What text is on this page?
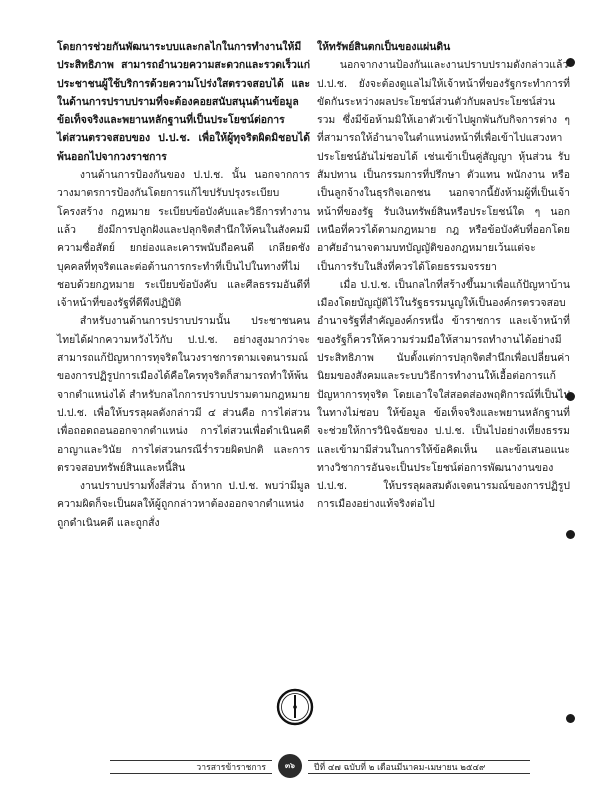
โดยการช่วยกันพัฒนาระบบและกลไกในการทำงานให้มีประสิทธิภาพ สามารถอำนวยความสะดวกและรวดเร็วแก่ประชาชนผู้ใช้บริการด้วยความโปร่งใสตรวจสอบได้ และในด้านการปราบปรามที่จะต้องคอยสนับสนุนด้านข้อมูลข้อเท็จจริงและพยานหลักฐานที่เป็นประโยชน์ต่อการไต่สวนตรวจสอบของ ป.ป.ช. เพื่อให้ผู้ทุจริตผิดมิชอบได้พ้นออกไปจากวงราชการ

งานด้านการป้องกันของ ป.ป.ช. นั้น นอกจากการวางมาตรการป้องกันโดยการแก้ไขปรับปรุงระเบียบโครงสร้าง กฎหมาย ระเบียบข้อบังคับและวิธีการทำงานแล้ว ยังมีการปลูกฝังและปลุกจิตสำนึกให้คนในสังคมมีความซื่อสัตย์ ยกย่องและเคารพนับถือคนดี เกลียดชังบุคคลที่ทุจริตและต่อต้านการกระทำที่เป็นไปในทางที่ไม่ชอบด้วยกฎหมาย ระเบียบข้อบังคับ และศีลธรรมอันดีที่เจ้าหน้าที่ของรัฐที่ดีพึงปฏิบัติ

สำหรับงานด้านการปราบปรามนั้น ประชาชนคนไทยได้ฝากความหวังไว้กับ ป.ป.ช. อย่างสูงมากว่าจะสามารถแก้ปัญหาการทุจริตในวงราชการตามเจตนารมณ์ของการปฏิรูปการเมืองได้คือใครทุจริตก็สามารถทำให้พ้นจากตำแหน่งได้ สำหรับกลไกการปราบปรามตามกฎหมาย ป.ป.ช. เพื่อให้บรรลุผลดังกล่าวมี ๔ ส่วนคือ การไต่สวนเพื่อถอดถอนออกจากตำแหน่ง การไต่สวนเพื่อดำเนินคดีอาญาและวินัย การไต่สวนกรณีร่ำรวยผิดปกติ และการตรวจสอบทรัพย์สินและหนี้สิน

งานปราบปรามทั้งสี่ส่วน ถ้าหาก ป.ป.ช. พบว่ามีมูลความผิดก็จะเป็นผลให้ผู้ถูกกล่าวหาต้องออกจากตำแหน่ง ถูกดำเนินคดี และถูกสั่ง

ให้ทรัพย์สินตกเป็นของแผ่นดิน

นอกจากงานป้องกันและงานปราบปรามดังกล่าวแล้ว ป.ป.ช. ยังจะต้องดูแลไม่ให้เจ้าหน้าที่ของรัฐกระทำการที่ขัดกันระหว่างผลประโยชน์ส่วนตัวกับผลประโยชน์ส่วนรวม ซึ่งมีข้อห้ามมิให้เอาตัวเข้าไปผูกพันกับกิจการต่าง ๆ ที่สามารถให้อำนาจในตำแหน่งหน้าที่เพื่อเข้าไปแสวงหาประโยชน์อันไม่ชอบได้ เช่นเข้าเป็นคู่สัญญา หุ้นส่วน รับสัมปทาน เป็นกรรมการที่ปรึกษา ตัวแทน พนักงาน หรือเป็นลูกจ้างในธุรกิจเอกชน นอกจากนี้ยังห้ามผู้ที่เป็นเจ้าหน้าที่ของรัฐ รับเงินทรัพย์สินหรือประโยชน์ใด ๆ นอกเหนือที่ควรได้ตามกฎหมาย กฎ หรือข้อบังคับที่ออกโดยอาศัยอำนาจตามบทบัญญัติของกฎหมายเว้นแต่จะเป็นการรับในสิ่งที่ควรได้โดยธรรมจรรยา

เมื่อ ป.ป.ช. เป็นกลไกที่สร้างขึ้นมาเพื่อแก้ปัญหาบ้านเมืองโดยบัญญัติไว้ในรัฐธรรมนูญให้เป็นองค์กรตรวจสอบอำนาจรัฐที่สำคัญองค์กรหนึ่ง ข้าราชการ และเจ้าหน้าที่ของรัฐก็ควรให้ความร่วมมือให้สามารถทำงานได้อย่างมีประสิทธิภาพ นับตั้งแต่การปลุกจิตสำนึกเพื่อเปลี่ยนค่านิยมของสังคมและระบบวิธีการทำงานให้เอื้อต่อการแก้ปัญหาการทุจริต โดยเอาใจใส่สอดส่องพฤติการณ์ที่เป็นไปในทางไม่ชอบ ให้ข้อมูล ข้อเท็จจริงและพยานหลักฐานที่จะช่วยให้การวินิจฉัยของ ป.ป.ช. เป็นไปอย่างเที่ยงธรรม และเข้ามามีส่วนในการให้ข้อคิดเห็น และข้อเสนอแนะทางวิชาการอันจะเป็นประโยชน์ต่อการพัฒนางานของ ป.ป.ช. ให้บรรลุผลสมดังเจตนารมณ์ของการปฏิรูปการเมืองอย่างแท้จริงต่อไป

วารสารข้าราชการ	๓๖ ปีที่ ๔๗ ฉบับที่ ๒ เดือนมีนาคม-เมษายน ๒๕๔๙
